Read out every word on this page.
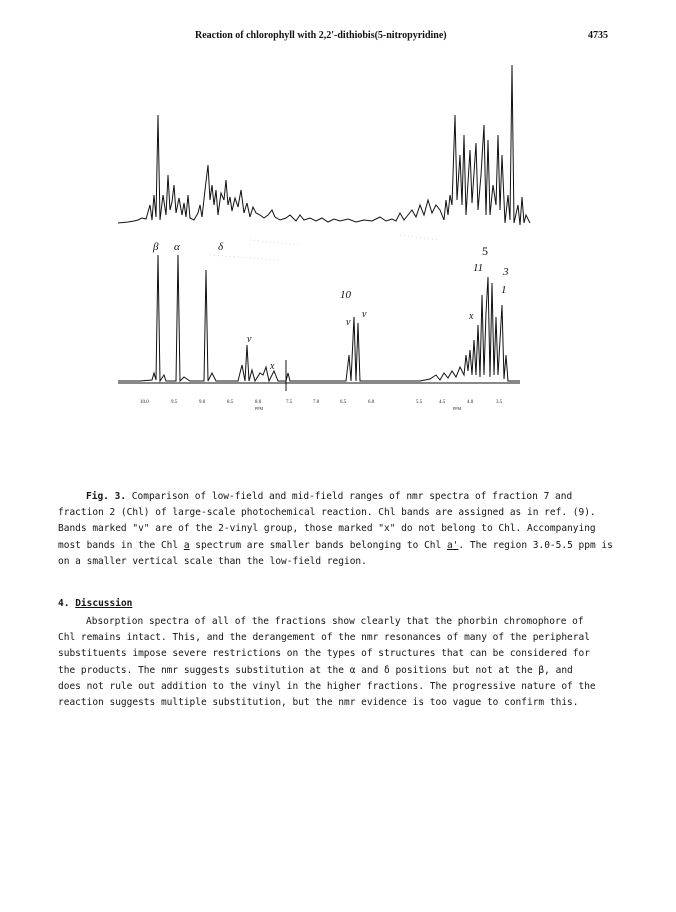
Reaction of chlorophyll with 2,2′-dithiobis(5-nitropyridine)	4735
β α	δ	5
11 3
1
10
v
v
v
x
x
10.0	9.5	9.0	8.5	8.0	7.5	7.0	6.5	6.0
PPM
5.5	4.5	4.0	3.5
PPM
Fig. 3. Comparison of low-field and mid-field ranges of nmr spectra of fraction 7 and fraction 2 (Chl) of large-scale photochemical reaction. Chl bands are assigned as in ref. (9). Bands marked "v" are of the 2-vinyl group, those marked "x" do not belong to Chl. Accompanying most bands in the Chl a spectrum are smaller bands belonging to Chl a'. The region 3.0-5.5 ppm is on a smaller vertical scale than the low-field region.
4. Discussion
Absorption spectra of all of the fractions show clearly that the phorbin chromophore of Chl remains intact. This, and the derangement of the nmr resonances of many of the peripheral substituents impose severe restrictions on the types of structures that can be considered for the products. The nmr suggests substitution at the α and δ positions but not at the β, and does not rule out addition to the vinyl in the higher fractions. The progressive nature of the reaction suggests multiple substitution, but the nmr evidence is too vague to confirm this.
